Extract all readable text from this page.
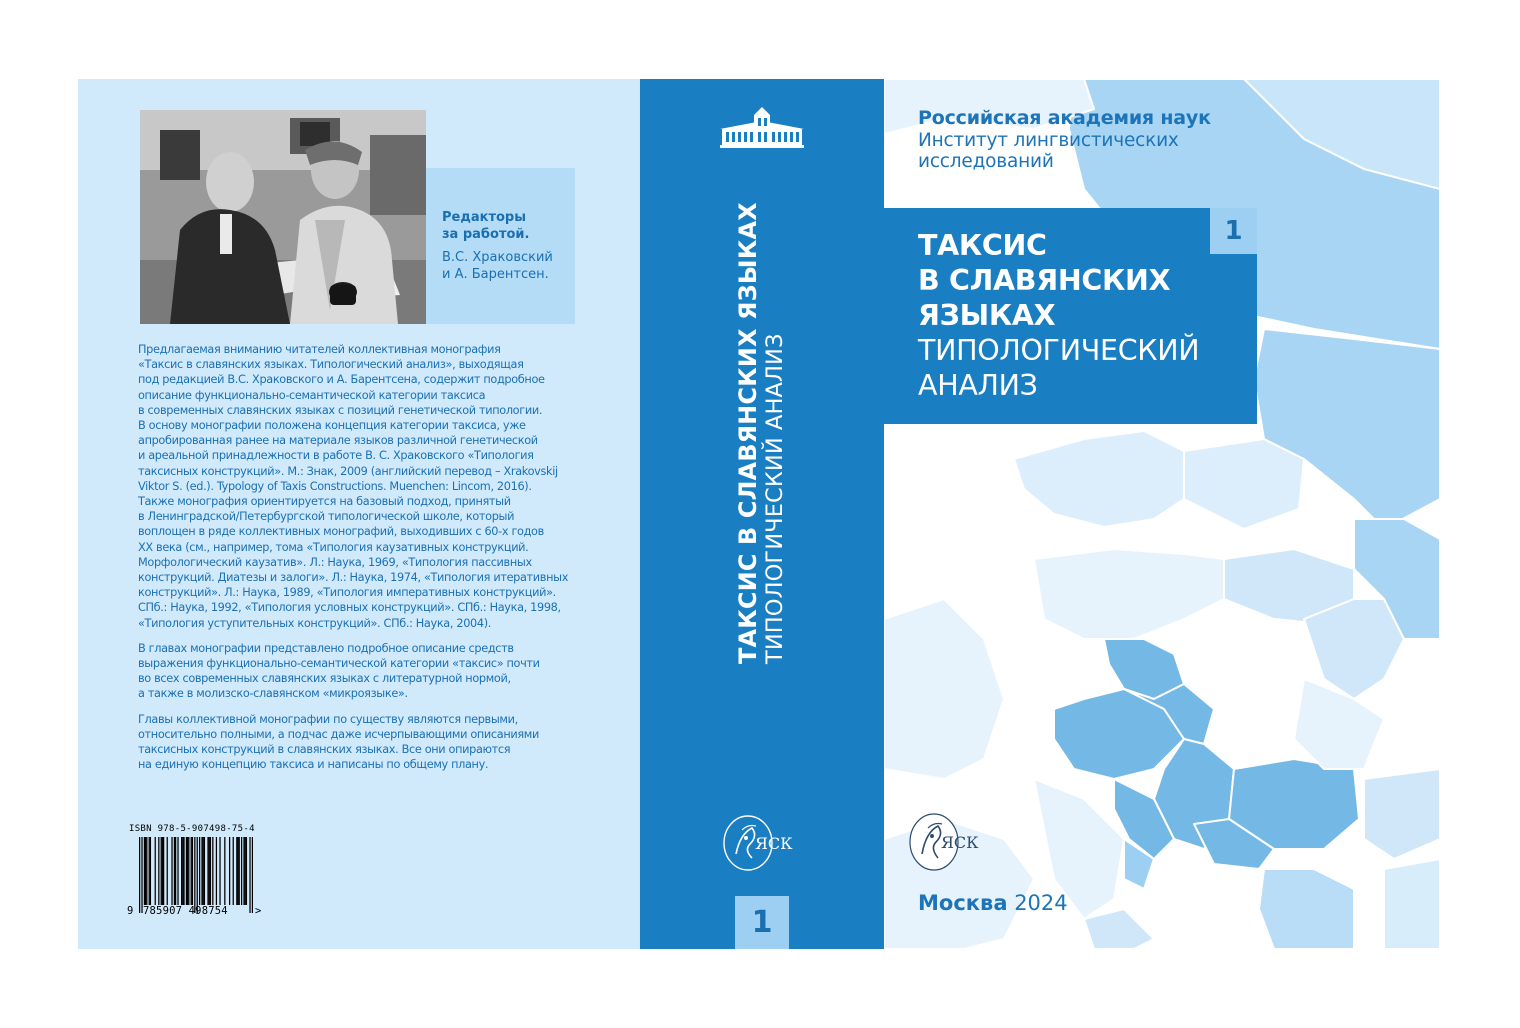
Редакторы
за работой.
В.С. Храковский
и А. Барентсен.

Предлагаемая вниманию читателей коллективная монография
«Таксис в славянских языках. Типологический анализ», выходящая
под редакцией В.С. Храковского и А. Барентсена, содержит подробное
описание функционально-семантической категории таксиса
в современных славянских языках с позиций генетической типологии.
В основу монографии положена концепция категории таксиса, уже
апробированная ранее на материале языков различной генетической
и ареальной принадлежности в работе В. С. Храковского «Типология
таксисных конструкций». М.: Знак, 2009 (английский перевод – Xrakovskij
Viktor S. (ed.). Typology of Taxis Constructions. Muenchen: Lincom, 2016).
Также монография ориентируется на базовый подход, принятый
в Ленинградской/Петербургской типологической школе, который
воплощен в ряде коллективных монографий, выходивших с 60-х годов
XX века (см., например, тома «Типология каузативных конструкций.
Морфологический каузатив». Л.: Наука, 1969, «Типология пассивных
конструкций. Диатезы и залоги». Л.: Наука, 1974, «Типология итеративных
конструкций». Л.: Наука, 1989, «Типология императивных конструкций».
СПб.: Наука, 1992, «Типология условных конструкций». СПб.: Наука, 1998,
«Типология уступительных конструкций». СПб.: Наука, 2004).

В главах монографии представлено подробное описание средств
выражения функционально-семантической категории «таксис» почти
во всех современных славянских языках с литературной нормой,
а также в молизско-славянском «микроязыке».

Главы коллективной монографии по существу являются первыми,
относительно полными, а подчас даже исчерпывающими описаниями
таксисных конструкций в славянских языках. Все они опираются
на единую концепцию таксиса и написаны по общему плану.

ISBN 978-5-907498-75-4
9 785907 498754	>
ТАКСИС В СЛАВЯНСКИХ ЯЗЫКАХ ТИПОЛОГИЧЕСКИЙ АНАЛИЗ
ЯСК
1
Российская академия наук
Институт лингвистических
исследований
ТАКСИС
В СЛАВЯНСКИХ
ЯЗЫКАХ
ТИПОЛОГИЧЕСКИЙ
АНАЛИЗ
1
ЯСК
Москва 2024
